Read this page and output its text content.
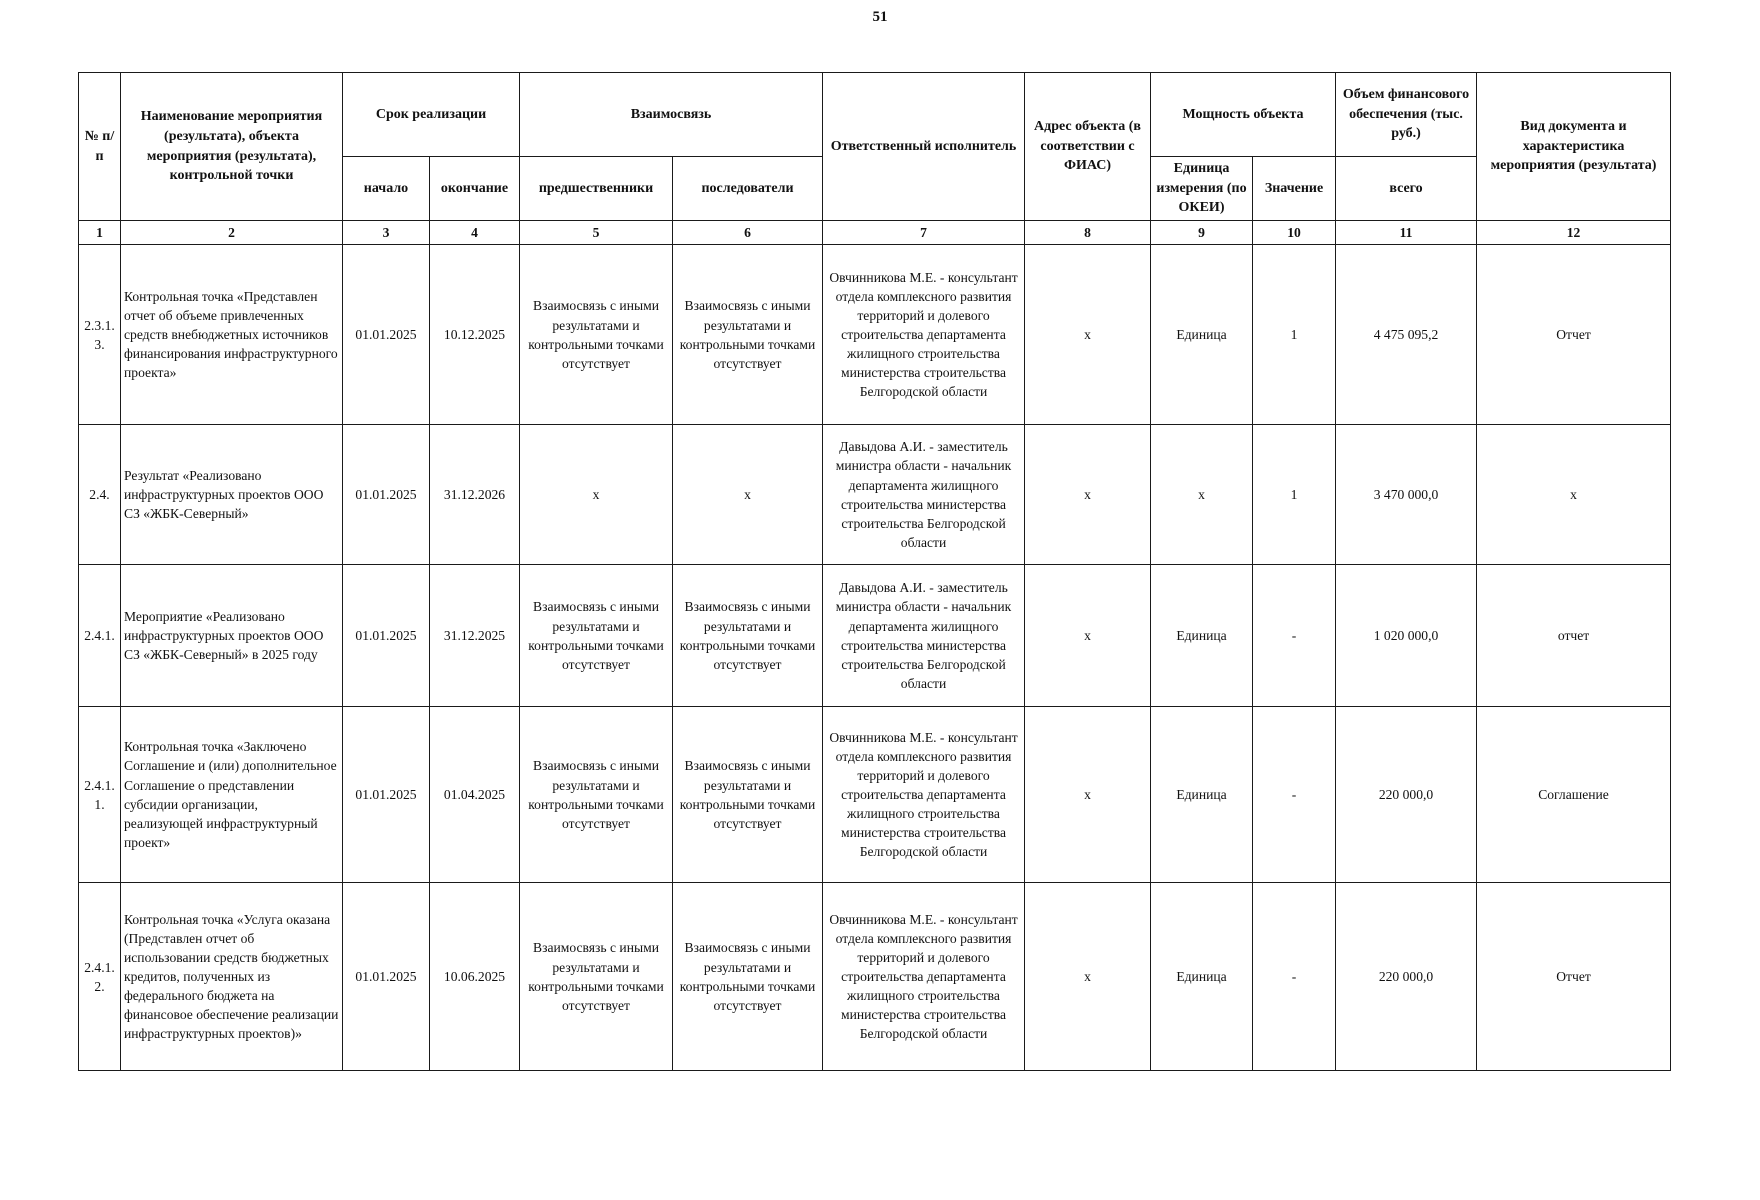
51
№ п/п	Наименование мероприятия (результата), объекта мероприятия (результата), контрольной точки	Срок реализации		Взаимосвязь		Ответственный исполнитель	Адрес объекта (в соответствии с ФИАС)	Мощность объекта		Объем финансового обеспечения (тыс. руб.)	Вид документа и характеристика мероприятия (результата)
		начало	окончание	предшественники	последователи			Единица измерения (по ОКЕИ)	Значение	всего	
1	2	3	4	5	6	7	8	9	10	11	12
2.3.1.3.	Контрольная точка «Представлен отчет об объеме привлеченных средств внебюджетных источников финансирования инфраструктурного проекта»	01.01.2025	10.12.2025	Взаимосвязь с иными результатами и контрольными точками отсутствует	Взаимосвязь с иными результатами и контрольными точками отсутствует	Овчинникова М.Е. - консультант отдела комплексного развития территорий и долевого строительства департамента жилищного строительства министерства строительства Белгородской области	x	Единица	1	4 475 095,2	Отчет
2.4.	Результат «Реализовано инфраструктурных проектов ООО СЗ «ЖБК-Северный»	01.01.2025	31.12.2026	x	x	Давыдова А.И. - заместитель министра области - начальник департамента жилищного строительства министерства строительства Белгородской области	x	x	1	3 470 000,0	x
2.4.1.	Мероприятие «Реализовано инфраструктурных проектов ООО СЗ «ЖБК-Северный» в 2025 году	01.01.2025	31.12.2025	Взаимосвязь с иными результатами и контрольными точками отсутствует	Взаимосвязь с иными результатами и контрольными точками отсутствует	Давыдова А.И. - заместитель министра области - начальник департамента жилищного строительства министерства строительства Белгородской области	x	Единица	-	1 020 000,0	отчет
2.4.1.1.	Контрольная точка «Заключено Соглашение и (или) дополнительное Соглашение о представлении субсидии организации, реализующей инфраструктурный проект»	01.01.2025	01.04.2025	Взаимосвязь с иными результатами и контрольными точками отсутствует	Взаимосвязь с иными результатами и контрольными точками отсутствует	Овчинникова М.Е. - консультант отдела комплексного развития территорий и долевого строительства департамента жилищного строительства министерства строительства Белгородской области	x	Единица	-	220 000,0	Соглашение
2.4.1.2.	Контрольная точка «Услуга оказана (Представлен отчет об использовании средств бюджетных кредитов, полученных из федерального бюджета на финансовое обеспечение реализации инфраструктурных проектов)»	01.01.2025	10.06.2025	Взаимосвязь с иными результатами и контрольными точками отсутствует	Взаимосвязь с иными результатами и контрольными точками отсутствует	Овчинникова М.Е. - консультант отдела комплексного развития территорий и долевого строительства департамента жилищного строительства министерства строительства Белгородской области	x	Единица	-	220 000,0	Отчет
